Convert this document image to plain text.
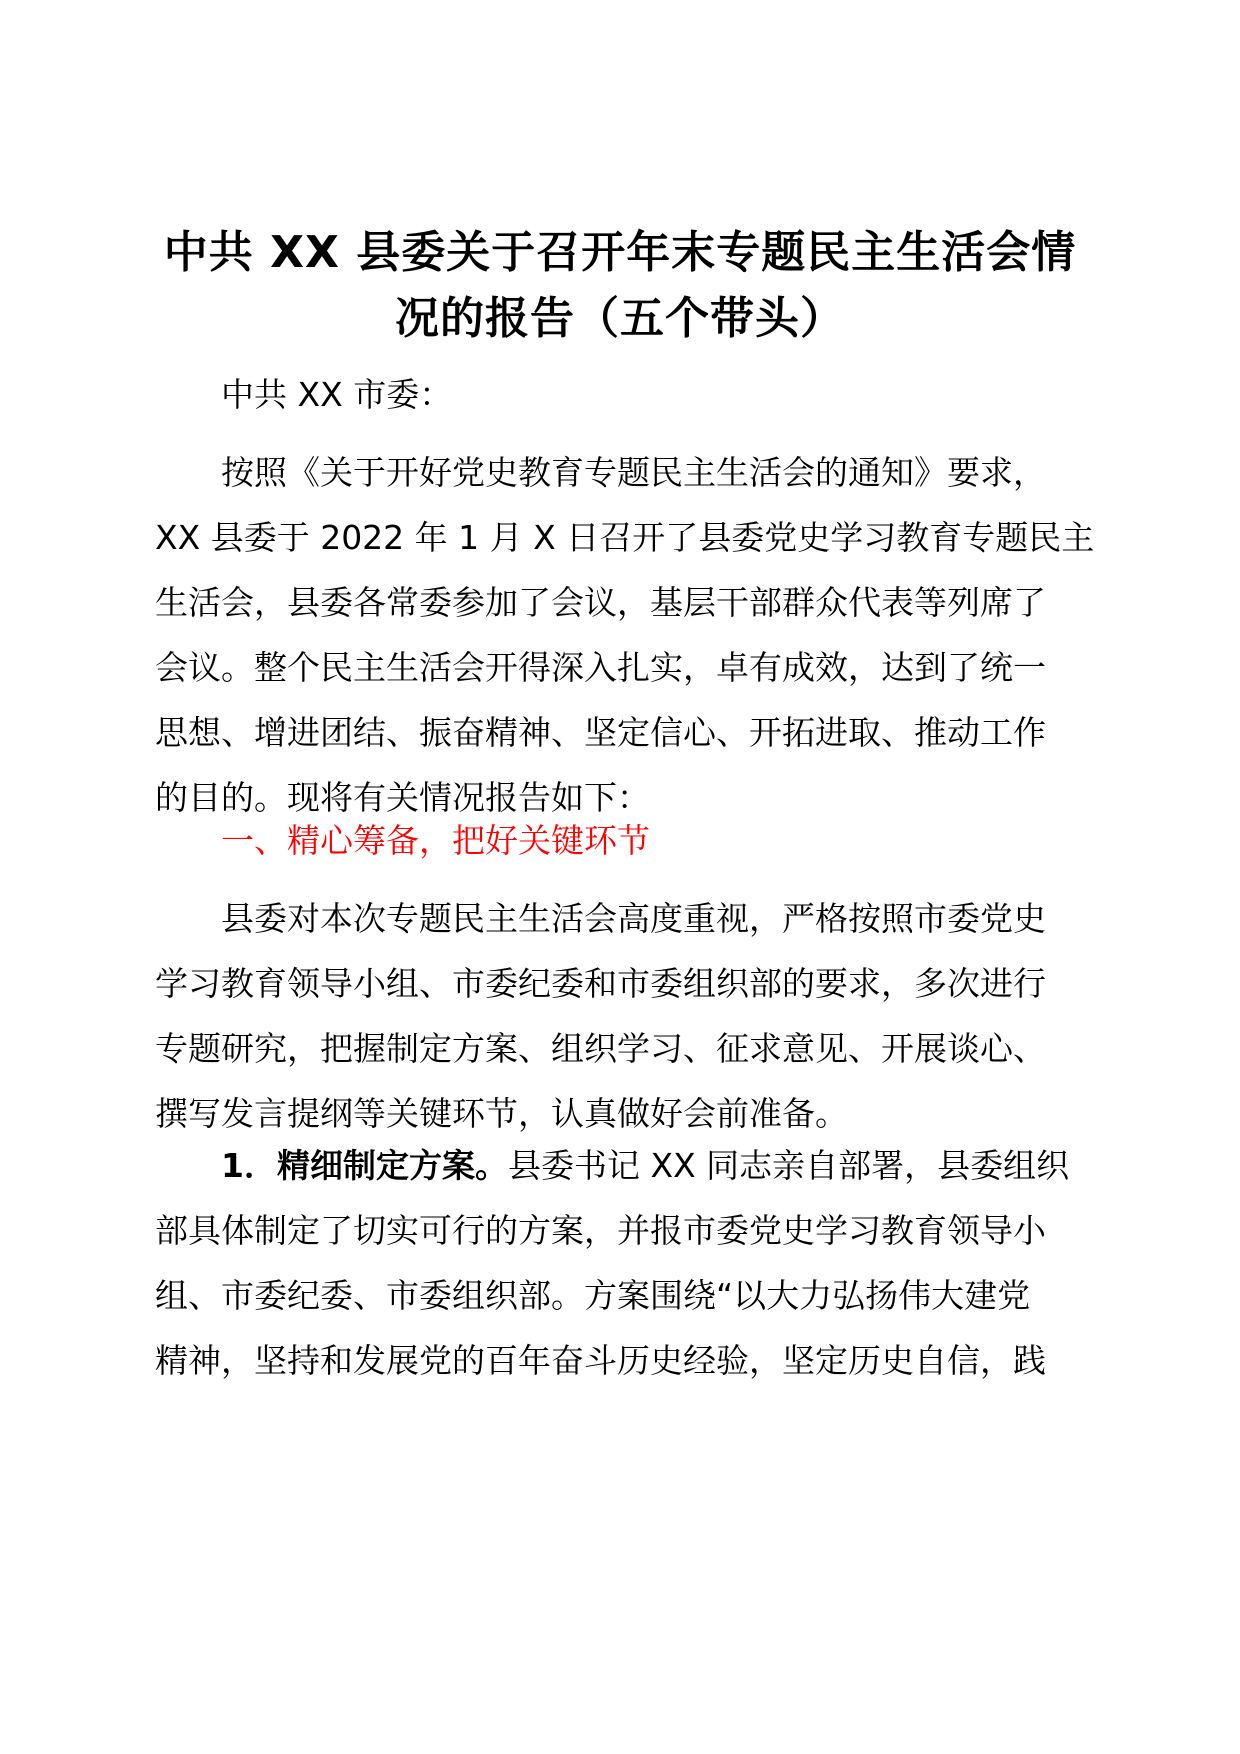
中共 XX 县委关于召开年末专题民主生活会情
况的报告（五个带头）
中共 XX 市委：
按照《关于开好党史教育专题民主生活会的通知》要求，
XX 县委于 2022 年 1 月 X 日召开了县委党史学习教育专题民主
生活会，县委各常委参加了会议，基层干部群众代表等列席了
会议。整个民主生活会开得深入扎实，卓有成效，达到了统一
思想、增进团结、振奋精神、坚定信心、开拓进取、推动工作
的目的。现将有关情况报告如下：
一、精心筹备，把好关键环节
县委对本次专题民主生活会高度重视，严格按照市委党史
学习教育领导小组、市委纪委和市委组织部的要求，多次进行
专题研究，把握制定方案、组织学习、征求意见、开展谈心、
撰写发言提纲等关键环节，认真做好会前准备。
1．精细制定方案。县委书记 XX 同志亲自部署，县委组织
部具体制定了切实可行的方案，并报市委党史学习教育领导小
组、市委纪委、市委组织部。方案围绕“以大力弘扬伟大建党
精神，坚持和发展党的百年奋斗历史经验，坚定历史自信，践
